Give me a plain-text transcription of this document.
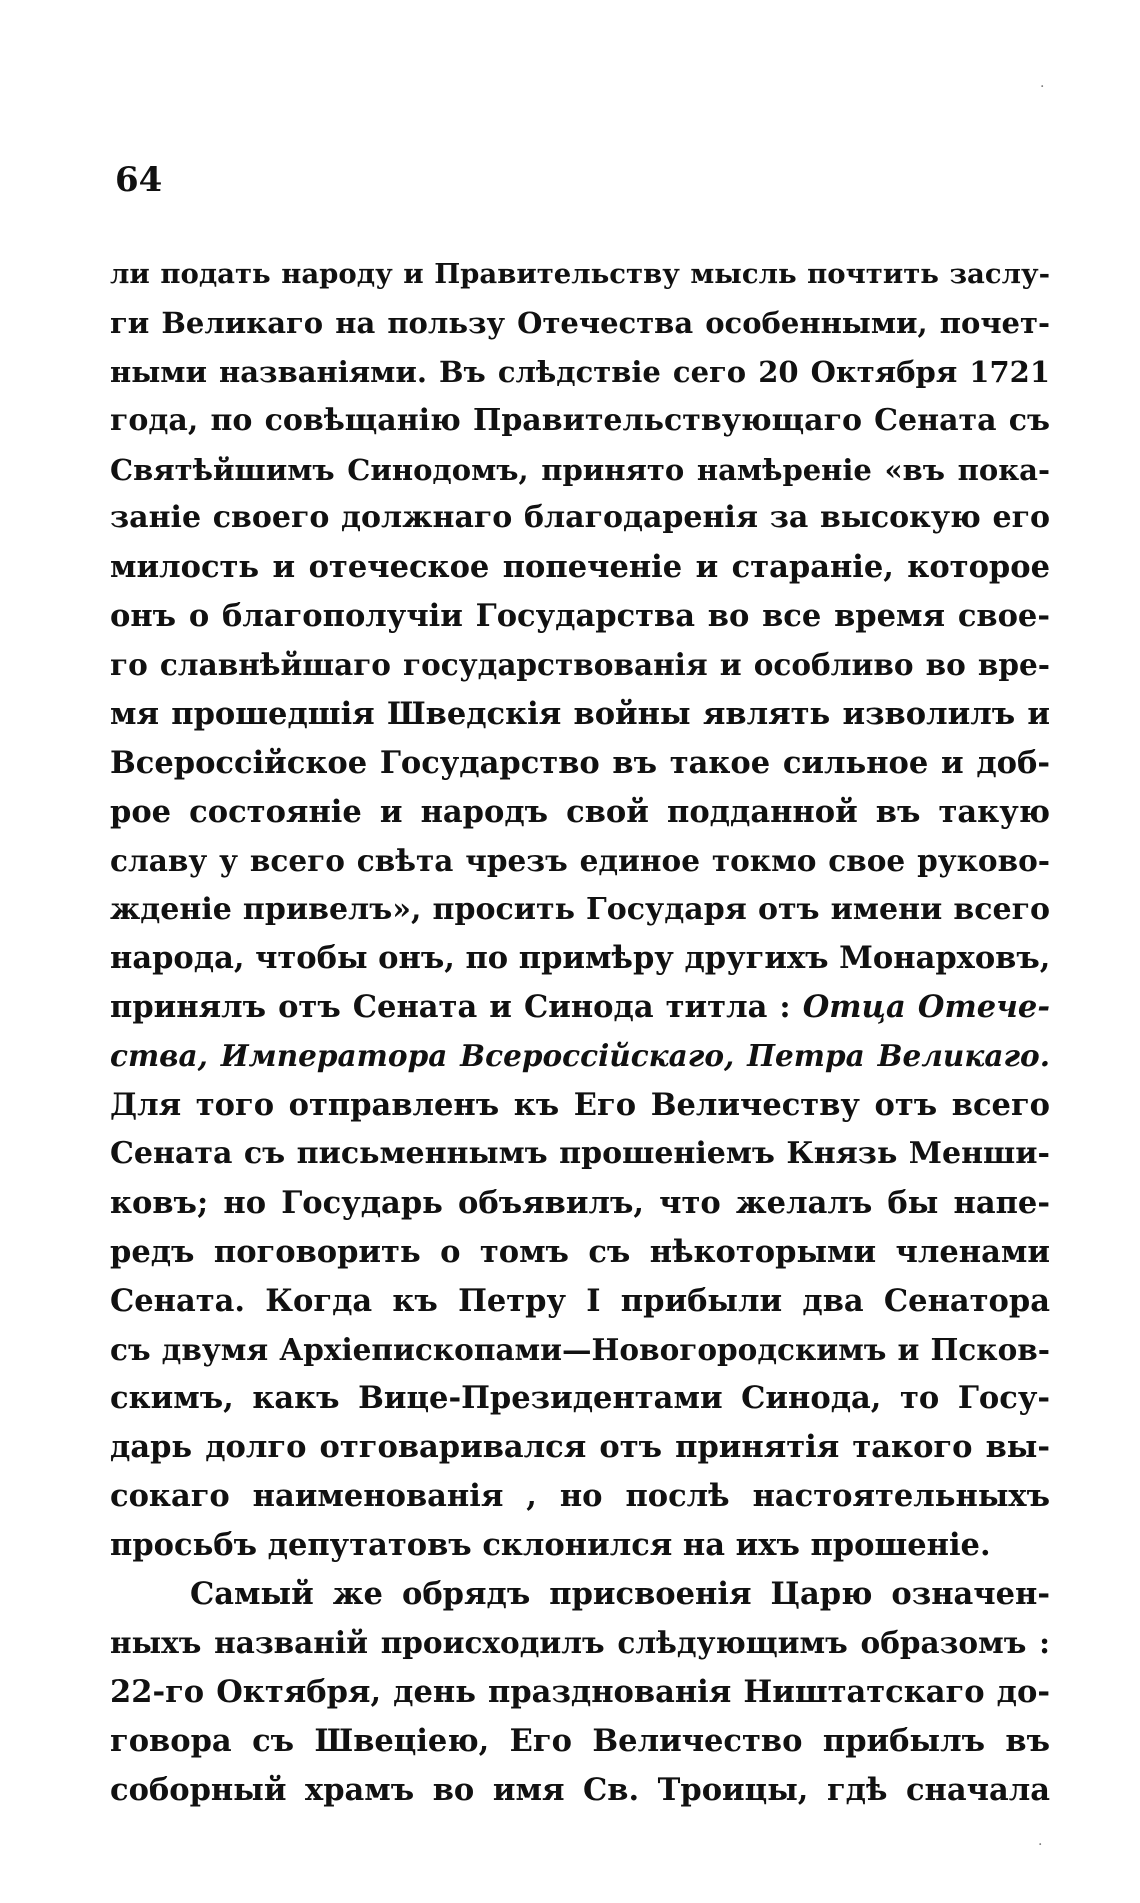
64
ли подать народу и Правительству мысль почтить заслу-
ги Великаго на пользу Отечества особенными, почет-
ными названіями. Въ слѣдствіе сего 20 Октября 1721
года, по совѣщанію Правительствующаго Сената съ
Святѣйшимъ Синодомъ, принято намѣреніе «въ пока-
заніе своего должнаго благодаренія за высокую его
милость и отеческое попеченіе и стараніе, которое
онъ о благополучіи Государства во все время свое-
го славнѣйшаго государствованія и особливо во вре-
мя прошедшія Шведскія войны являть изволилъ и
Всероссійское Государство въ такое сильное и доб-
рое состояніе и народъ свой подданной въ такую
славу у всего свѣта чрезъ единое токмо свое руково-
жденіе привелъ», просить Государя отъ имени всего
народа, чтобы онъ, по примѣру другихъ Монарховъ,
принялъ отъ Сената и Синода титла : Отца Отече-
ства, Императора Всероссійскаго, Петра Великаго.
Для того отправленъ къ Его Величеству отъ всего
Сената съ письменнымъ прошеніемъ Князь Менши-
ковъ; но Государь объявилъ, что желалъ бы напе-
редъ поговорить о томъ съ нѣкоторыми членами
Сената. Когда къ Петру I прибыли два Сенатора
съ двумя Архіепископами—Новогородскимъ и Псков-
скимъ, какъ Вице-Президентами Синода, то Госу-
дарь долго отговаривался отъ принятія такого вы-
сокаго наименованія , но послѣ настоятельныхъ
просьбъ депутатовъ склонился на ихъ прошеніе.
Самый же обрядъ присвоенія Царю означен-
ныхъ названій происходилъ слѣдующимъ образомъ :
22-го Октября, день празднованія Ништатскаго до-
говора съ Швеціею, Его Величество прибылъ въ
соборный храмъ во имя Св. Троицы, гдѣ сначала
·
·
